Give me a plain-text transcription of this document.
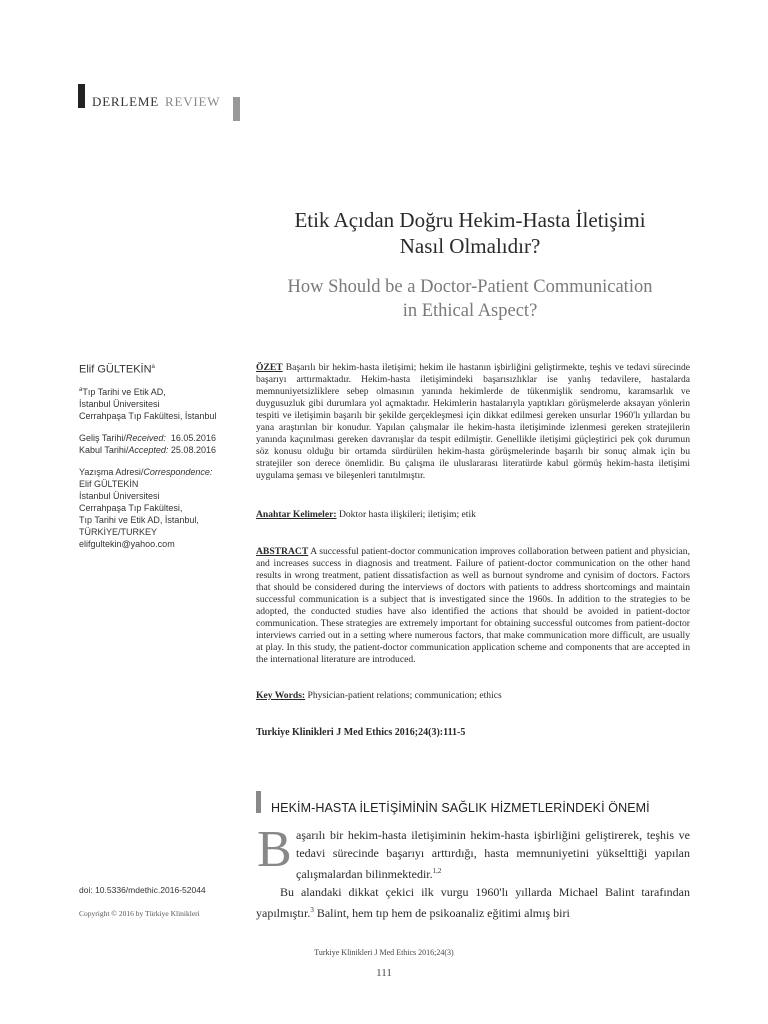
DERLEME REVIEW
Etik Açıdan Doğru Hekim-Hasta İletişimi
Nasıl Olmalıdır?
How Should be a Doctor-Patient Communication
in Ethical Aspect?
Elif GÜLTEKİN$^a$
$^a$Tıp Tarihi ve Etik AD,
İstanbul Üniversitesi
Cerrahpaşa Tıp Fakültesi, İstanbul
Geliş Tarihi/Received: 16.05.2016
Kabul Tarihi/Accepted: 25.08.2016
Yazışma Adresi/Correspondence:
Elif GÜLTEKİN
İstanbul Üniversitesi
Cerrahpaşa Tıp Fakültesi,
Tıp Tarihi ve Etik AD, İstanbul,
TÜRKİYE/TURKEY
elifgultekin@yahoo.com
doi: 10.5336/mdethic.2016-52044
Copyright © 2016 by Türkiye Klinikleri
ÖZET Başarılı bir hekim-hasta iletişimi; hekim ile hastanın işbirliğini geliştirmekte, teşhis ve tedavi sürecinde başarıyı arttırmaktadır. Hekim-hasta iletişimindeki başarısızlıklar ise yanlış tedavilere, hastalarda memnuniyetsizliklere sebep olmasının yanında hekimlerde de tükenmişlik sendromu, karamsarlık ve duygusuzluk gibi durumlara yol açmaktadır. Hekimlerin hastalarıyla yaptıkları görüşmelerde aksayan yönlerin tespiti ve iletişimin başarılı bir şekilde gerçekleşmesi için dikkat edilmesi gereken unsurlar 1960'lı yıllardan bu yana araştırılan bir konudur. Yapılan çalışmalar ile hekim-hasta iletişiminde izlenmesi gereken stratejilerin yanında kaçınılması gereken davranışlar da tespit edilmiştir. Genellikle iletişimi güçleştirici pek çok durumun söz konusu olduğu bir ortamda sürdürülen hekim-hasta görüşmelerinde başarılı bir sonuç almak için bu stratejiler son derece önemlidir. Bu çalışma ile uluslararası literatürde kabul görmüş hekim-hasta iletişimi uygulama şeması ve bileşenleri tanıtılmıştır.
Anahtar Kelimeler: Doktor hasta ilişkileri; iletişim; etik
ABSTRACT A successful patient-doctor communication improves collaboration between patient and physician, and increases success in diagnosis and treatment. Failure of patient-doctor communication on the other hand results in wrong treatment, patient dissatisfaction as well as burnout syndrome and cynisim of doctors. Factors that should be considered during the interviews of doctors with patients to address shortcomings and maintain successful communication is a subject that is investigated since the 1960s. In addition to the strategies to be adopted, the conducted studies have also identified the actions that should be avoided in patient-doctor communication. These strategies are extremely important for obtaining successful outcomes from patient-doctor interviews carried out in a setting where numerous factors, that make communication more difficult, are usually at play. In this study, the patient-doctor communication application scheme and components that are accepted in the international literature are introduced.
Key Words: Physician-patient relations; communication; ethics
Turkiye Klinikleri J Med Ethics 2016;24(3):111-5
HEKİM-HASTA İLETİŞİMİNİN SAĞLIK HİZMETLERİNDEKİ ÖNEMİ
B aşarılı bir hekim-hasta iletişiminin hekim-hasta işbirliğini geliştirerek, teşhis ve tedavi sürecinde başarıyı arttırdığı, hasta memnuniyetini yükselttiği yapılan çalışmalardan bilinmektedir.$^{1,2}$
Bu alandaki dikkat çekici ilk vurgu 1960'lı yıllarda Michael Balint tarafından yapılmıştır.$^3$ Balint, hem tıp hem de psikoanaliz eğitimi almış biri
Turkiye Klinikleri J Med Ethics 2016;24(3)
111
